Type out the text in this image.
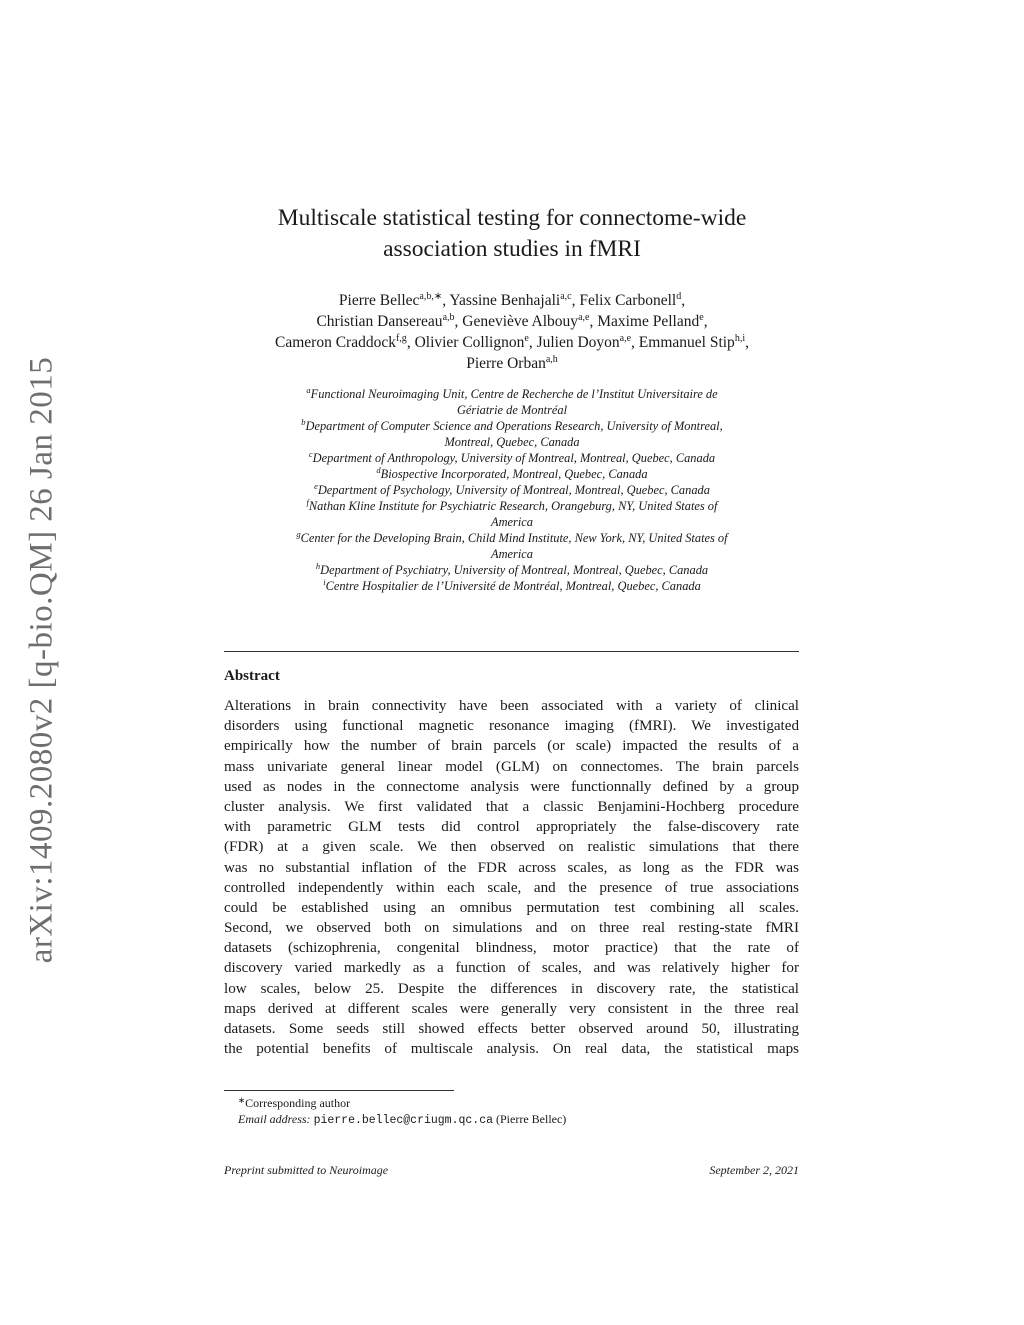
arXiv:1409.2080v2 [q-bio.QM] 26 Jan 2015
Multiscale statistical testing for connectome-wide
association studies in fMRI
Pierre Bellec$^{a,b,∗}$, Yassine Benhajali$^{a,c}$, Felix Carbonell$^d$,
Christian Dansereau$^{a,b}$, Geneviève Albouy$^{a,e}$, Maxime Pelland$^e$,
Cameron Craddock$^{f,g}$, Olivier Collignon$^e$, Julien Doyon$^{a,e}$, Emmanuel Stip$^{h,i}$,
Pierre Orban$^{a,h}$
$^a$Functional Neuroimaging Unit, Centre de Recherche de l’Institut Universitaire de
Gériatrie de Montréal
$^b$Department of Computer Science and Operations Research, University of Montreal,
Montreal, Quebec, Canada
$^c$Department of Anthropology, University of Montreal, Montreal, Quebec, Canada
$^d$Biospective Incorporated, Montreal, Quebec, Canada
$^e$Department of Psychology, University of Montreal, Montreal, Quebec, Canada
$^f$Nathan Kline Institute for Psychiatric Research, Orangeburg, NY, United States of
America
$^g$Center for the Developing Brain, Child Mind Institute, New York, NY, United States of
America
$^h$Department of Psychiatry, University of Montreal, Montreal, Quebec, Canada
$^i$Centre Hospitalier de l’Université de Montréal, Montreal, Quebec, Canada
Abstract
Alterations in brain connectivity have been associated with a variety of clinical
disorders using functional magnetic resonance imaging (fMRI). We investigated
empirically how the number of brain parcels (or scale) impacted the results of a
mass univariate general linear model (GLM) on connectomes. The brain parcels
used as nodes in the connectome analysis were functionnally defined by a group
cluster analysis. We first validated that a classic Benjamini-Hochberg procedure
with parametric GLM tests did control appropriately the false-discovery rate
(FDR) at a given scale. We then observed on realistic simulations that there
was no substantial inflation of the FDR across scales, as long as the FDR was
controlled independently within each scale, and the presence of true associations
could be established using an omnibus permutation test combining all scales.
Second, we observed both on simulations and on three real resting-state fMRI
datasets (schizophrenia, congenital blindness, motor practice) that the rate of
discovery varied markedly as a function of scales, and was relatively higher for
low scales, below 25. Despite the differences in discovery rate, the statistical
maps derived at different scales were generally very consistent in the three real
datasets. Some seeds still showed effects better observed around 50, illustrating
the potential benefits of multiscale analysis. On real data, the statistical maps
∗Corresponding author
Email address: pierre.bellec@criugm.qc.ca (Pierre Bellec)
Preprint submitted to Neuroimage	September 2, 2021
